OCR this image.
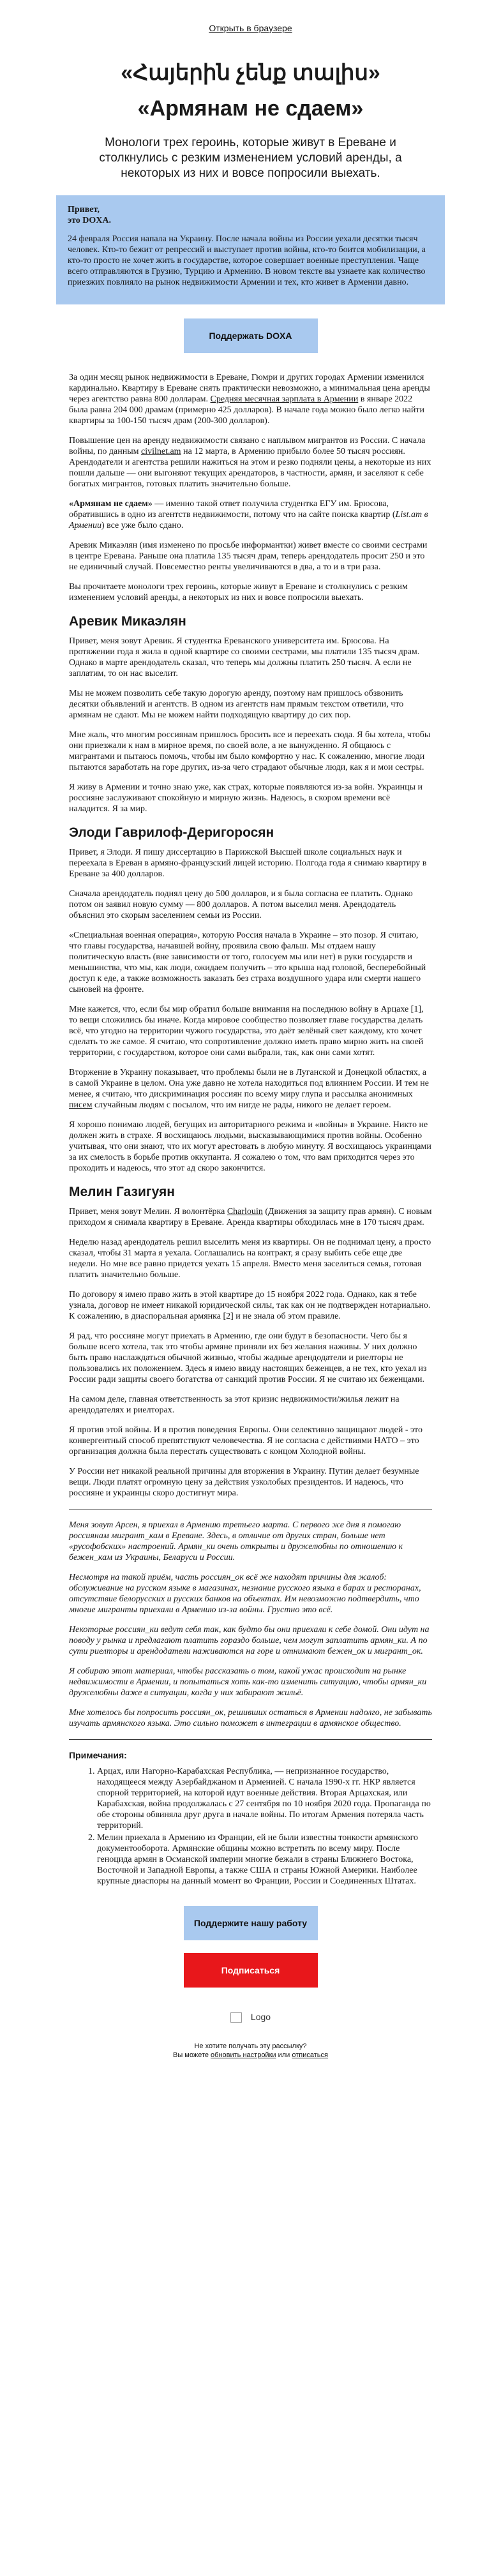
Открыть в браузере
«Հայերին չենք տալիս»
«Армянам не сдаем»
Монологи трех героинь, которые живут в Ереване и столкнулись с резким изменением условий аренды, а некоторых из них и вовсе попросили выехать.

Привет,
это DOXA.

24 февраля Россия напала на Украину. После начала войны из России уехали десятки тысяч человек. Кто-то бежит от репрессий и выступает против войны, кто-то боится мобилизации, а кто-то просто не хочет жить в государстве, которое совершает военные преступления. Чаще всего отправляются в Грузию, Турцию и Армению. В новом тексте вы узнаете как количество приезжих повлияло на рынок недвижимости Армении и тех, кто живет в Армении давно.

Поддержать DOXA

За один месяц рынок недвижимости в Ереване, Гюмри и других городах Армении изменился кардинально. Квартиру в Ереване снять практически невозможно, а минимальная цена аренды через агентство равна 800 долларам. Средняя месячная зарплата в Армении в январе 2022 была равна 204 000 драмам (примерно 425 долларов). В начале года можно было легко найти квартиры за 100-150 тысяч драм (200-300 долларов).

Повышение цен на аренду недвижимости связано с наплывом мигрантов из России. С начала войны, по данным civilnet.am на 12 марта, в Армению прибыло более 50 тысяч россиян. Арендодатели и агентства решили нажиться на этом и резко подняли цены, а некоторые из них пошли дальше — они выгоняют текущих арендаторов, в частности, армян, и заселяют к себе богатых мигрантов, готовых платить значительно больше.

«Армянам не сдаем» — именно такой ответ получила студентка ЕГУ им. Брюсова, обратившись в одно из агентств недвижимости, потому что на сайте поиска квартир (List.am в Армении) все уже было сдано.

Аревик Микаэлян (имя изменено по просьбе информантки) живет вместе со своими сестрами в центре Еревана. Раньше она платила 135 тысяч драм, теперь арендодатель просит 250 и это не единичный случай. Повсеместно ренты увеличиваются в два, а то и в три раза.

Вы прочитаете монологи трех героинь, которые живут в Ереване и столкнулись с резким изменением условий аренды, а некоторых из них и вовсе попросили выехать.

Аревик Микаэлян

Привет, меня зовут Аревик. Я студентка Ереванского университета им. Брюсова. На протяжении года я жила в одной квартире со своими сестрами, мы платили 135 тысяч драм. Однако в марте арендодатель сказал, что теперь мы должны платить 250 тысяч. А если не заплатим, то он нас выселит.

Мы не можем позволить себе такую дорогую аренду, поэтому нам пришлось обзвонить десятки объявлений и агентств. В одном из агентств нам прямым текстом ответили, что армянам не сдают. Мы не можем найти подходящую квартиру до сих пор.

Мне жаль, что многим россиянам пришлось бросить все и переехать сюда. Я бы хотела, чтобы они приезжали к нам в мирное время, по своей воле, а не вынужденно. Я общаюсь с мигрантами и пытаюсь помочь, чтобы им было комфортно у нас. К сожалению, многие люди пытаются заработать на горе других, из-за чего страдают обычные люди, как я и мои сестры.

Я живу в Армении и точно знаю уже, как страх, которые появляются из-за войн. Украинцы и россияне заслуживают спокойную и мирную жизнь. Надеюсь, в скором времени всё наладится. Я за мир.

Элоди Гаврилоф-Деригоросян

Привет, я Элоди. Я пишу диссертацию в Парижской Высшей школе социальных наук и переехала в Ереван в армяно-французский лицей историю. Полгода года я снимаю квартиру в Ереване за 400 долларов.

Сначала арендодатель поднял цену до 500 долларов, и я была согласна ее платить. Однако потом он заявил новую сумму — 800 долларов. А потом выселил меня. Арендодатель объяснил это скорым заселением семьи из России.

«Специальная военная операция», которую Россия начала в Украине – это позор. Я считаю, что главы государства, начавшей войну, проявила свою фальш. Мы отдаем нашу политическую власть (вне зависимости от того, голосуем мы или нет) в руки государств и меньшинства, что мы, как люди, ожидаем получить – это крыша над головой, бесперебойный доступ к еде, а также возможность заказать без страха воздушного удара или смерти нашего сыновей на фронте.

Мне кажется, что, если бы мир обратил больше внимания на последнюю войну в Арцахе [1], то вещи сложились бы иначе. Когда мировое сообщество позволяет главе государства делать всё, что угодно на территории чужого государства, это даёт зелёный свет каждому, кто хочет сделать то же самое. Я считаю, что сопротивление должно иметь право мирно жить на своей территории, с государством, которое они сами выбрали, так, как они сами хотят.

Вторжение в Украину показывает, что проблемы были не в Луганской и Донецкой областях, а в самой Украине в целом. Она уже давно не хотела находиться под влиянием России. И тем не менее, я считаю, что дискриминация россиян по всему миру глупа и рассылка анонимных писем случайным людям с посылом, что им нигде не рады, никого не делает героем.

Я хорошо понимаю людей, бегущих из авторитарного режима и «войны» в Украине. Никто не должен жить в страхе. Я восхищаюсь людьми, высказывающимися против войны. Особенно учитывая, что они знают, что их могут арестовать в любую минуту. Я восхищаюсь украинцами за их смелость в борьбе против оккупанта. Я сожалею о том, что вам приходится через это проходить и надеюсь, что этот ад скоро закончится.

Мелин Газигуян

Привет, меня зовут Мелин. Я волонтёрка Charlouin (Движения за защиту прав армян). С новым приходом я снимала квартиру в Ереване. Аренда квартиры обходилась мне в 170 тысяч драм.

Неделю назад арендодатель решил выселить меня из квартиры. Он не поднимал цену, а просто сказал, чтобы 31 марта я уехала. Соглашались на контракт, я сразу выбить себе еще две недели. Но мне все равно придется уехать 15 апреля. Вместо меня заселиться семья, готовая платить значительно больше.

По договору я имею право жить в этой квартире до 15 ноября 2022 года. Однако, как я тебе узнала, договор не имеет никакой юридической силы, так как он не подтвержден нотариально. К сожалению, в диаспоральная армянка [2] и не знала об этом правиле.

Я рад, что россияне могут приехать в Армению, где они будут в безопасности. Чего бы я больше всего хотела, так это чтобы армяне приняли их без желания наживы. У них должно быть право наслаждаться обычной жизнью, чтобы жадные арендодатели и риелторы не пользовались их положением. Здесь я имею ввиду настоящих беженцев, а не тех, кто уехал из России ради защиты своего богатства от санкций против России. Я не считаю их беженцами.

На самом деле, главная ответственность за этот кризис недвижимости/жилья лежит на арендодателях и риелторах.

Я против этой войны. И я против поведения Европы. Они селективно защищают людей - это конвергентный способ препятствуют человечества. Я не согласна с действиями НАТО – это организация должна была перестать существовать с концом Холодной войны.

У России нет никакой реальной причины для вторжения в Украину. Путин делает безумные вещи. Люди платят огромную цену за действия узколобых президентов. И надеюсь, что россияне и украинцы скоро достигнут мира.

Меня зовут Арсен, я приехал в Армению третьего марта. С первого же дня я помогаю россиянам мигрант_кам в Ереване. Здесь, в отличие от других стран, больше нет «русофобских» настроений. Армян_ки очень открыты и дружелюбны по отношению к бежен_кам из Украины, Беларуси и России.

Несмотря на такой приём, часть россиян_ок всё же находят причины для жалоб: обслуживание на русском языке в магазинах, незнание русского языка в барах и ресторанах, отсутствие белорусских и русских банков на объектах. Им невозможно подтвердить, что многие мигранты приехали в Армению из-за войны. Грустно это всё.

Некоторые россиян_ки ведут себя так, как будто бы они приехали к себе домой. Они идут на поводу у рынка и предлагают платить гораздо больше, чем могут заплатить армян_ки. А по сути риелторы и арендодатели наживаются на горе и отнимают бежен_ок и мигрант_ок.

Я собираю этот материал, чтобы рассказать о том, какой ужас происходит на рынке недвижимости в Армении, и попытаться хоть как-то изменить ситуацию, чтобы армян_ки дружелюбны даже в ситуации, когда у них забирают жильё.

Мне хотелось бы попросить россиян_ок, решивших остаться в Армении надолго, не забывать изучать армянского языка. Это сильно поможет в интеграции в армянское общество.

Примечания:
1. Арцах, или Нагорно-Карабахская Республика, — непризнанное государство, находящееся между Азербайджаном и Арменией. С начала 1990-х гг. НКР является спорной территорией, на которой идут военные действия. Вторая Арцахская, или Карабахская, война продолжалась с 27 сентября по 10 ноября 2020 года. Пропаганда по обе стороны обвиняла друг друга в начале войны. По итогам Армения потеряла часть территорий.
2. Мелин приехала в Армению из Франции, ей не были известны тонкости армянского документооборота. Армянские общины можно встретить по всему миру. После геноцида армян в Османской империи многие бежали в страны Ближнего Востока, Восточной и Западной Европы, а также США и страны Южной Америки. Наиболее крупные диаспоры на данный момент во Франции, России и Соединенных Штатах.
Поддержите нашу работу
Подписаться
Logo
Не хотите получать эту рассылку?
Вы можете обновить настройки или отписаться
